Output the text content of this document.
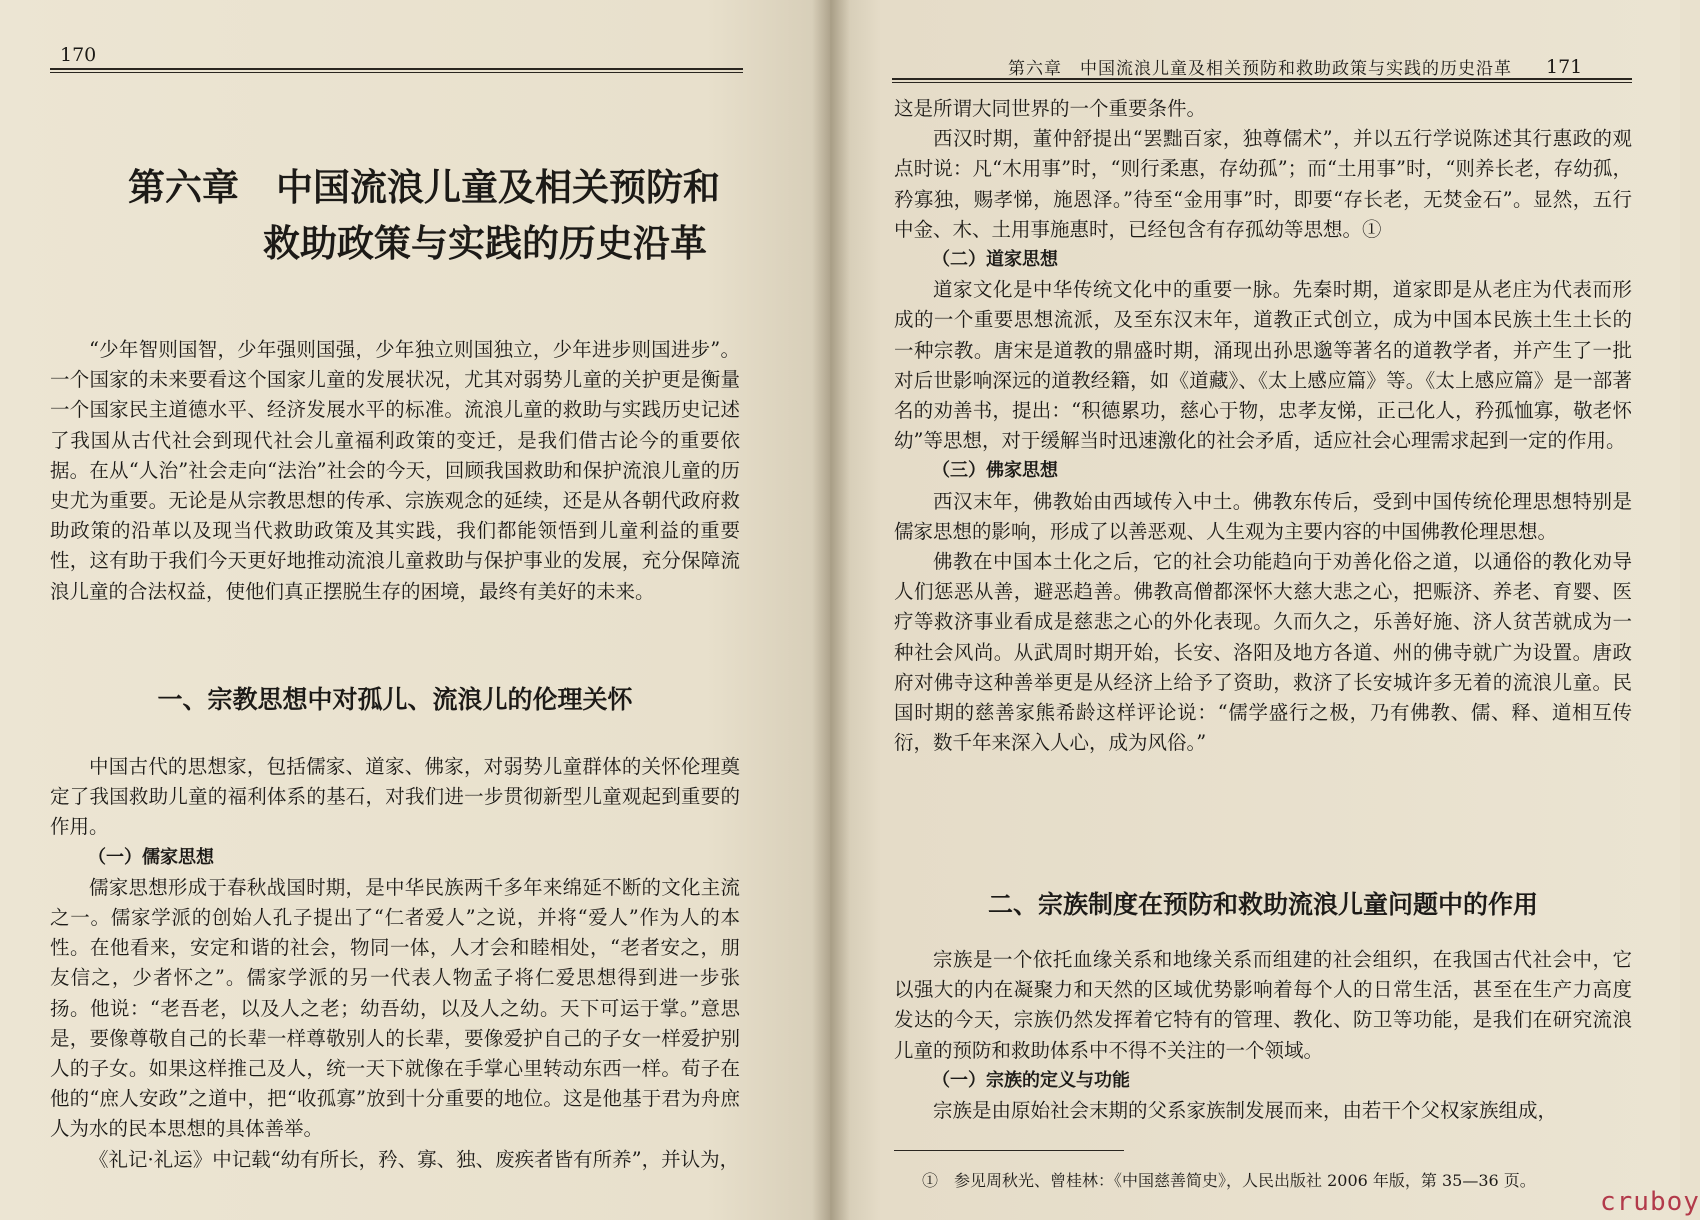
170
第六章　中国流浪儿童及相关预防和
救助政策与实践的历史沿革

“少年智则国智，少年强则国强，少年独立则国独立，少年进步则国进步”。一个国家的未来要看这个国家儿童的发展状况，尤其对弱势儿童的关护更是衡量一个国家民主道德水平、经济发展水平的标准。流浪儿童的救助与实践历史记述了我国从古代社会到现代社会儿童福利政策的变迁，是我们借古论今的重要依据。在从“人治”社会走向“法治”社会的今天，回顾我国救助和保护流浪儿童的历史尤为重要。无论是从宗教思想的传承、宗族观念的延续，还是从各朝代政府救助政策的沿革以及现当代救助政策及其实践，我们都能领悟到儿童利益的重要性，这有助于我们今天更好地推动流浪儿童救助与保护事业的发展，充分保障流浪儿童的合法权益，使他们真正摆脱生存的困境，最终有美好的未来。

一、宗教思想中对孤儿、流浪儿的伦理关怀

中国古代的思想家，包括儒家、道家、佛家，对弱势儿童群体的关怀伦理奠定了我国救助儿童的福利体系的基石，对我们进一步贯彻新型儿童观起到重要的作用。

（一）儒家思想

儒家思想形成于春秋战国时期，是中华民族两千多年来绵延不断的文化主流之一。儒家学派的创始人孔子提出了“仁者爱人”之说，并将“爱人”作为人的本性。在他看来，安定和谐的社会，物同一体，人才会和睦相处，“老者安之，朋友信之，少者怀之”。儒家学派的另一代表人物孟子将仁爱思想得到进一步张扬。他说：“老吾老，以及人之老；幼吾幼，以及人之幼。天下可运于掌。”意思是，要像尊敬自己的长辈一样尊敬别人的长辈，要像爱护自己的子女一样爱护别人的子女。如果这样推己及人，统一天下就像在手掌心里转动东西一样。荀子在他的“庶人安政”之道中，把“收孤寡”放到十分重要的地位。这是他基于君为舟庶人为水的民本思想的具体善举。

《礼记·礼运》中记载“幼有所长，矜、寡、独、废疾者皆有所养”，并认为，

第六章　中国流浪儿童及相关预防和救助政策与实践的历史沿革 171

这是所谓大同世界的一个重要条件。

西汉时期，董仲舒提出“罢黜百家，独尊儒术”，并以五行学说陈述其行惠政的观点时说：凡“木用事”时，“则行柔惠，存幼孤”；而“土用事”时，“则养长老，存幼孤，矜寡独，赐孝悌，施恩泽。”待至“金用事”时，即要“存长老，无焚金石”。显然，五行中金、木、土用事施惠时，已经包含有存孤幼等思想。①

（二）道家思想

道家文化是中华传统文化中的重要一脉。先秦时期，道家即是从老庄为代表而形成的一个重要思想流派，及至东汉末年，道教正式创立，成为中国本民族土生土长的一种宗教。唐宋是道教的鼎盛时期，涌现出孙思邈等著名的道教学者，并产生了一批对后世影响深远的道教经籍，如《道藏》、《太上感应篇》等。《太上感应篇》是一部著名的劝善书，提出：“积德累功，慈心于物，忠孝友悌，正己化人，矜孤恤寡，敬老怀幼”等思想，对于缓解当时迅速激化的社会矛盾，适应社会心理需求起到一定的作用。

（三）佛家思想

西汉末年，佛教始由西域传入中土。佛教东传后，受到中国传统伦理思想特别是儒家思想的影响，形成了以善恶观、人生观为主要内容的中国佛教伦理思想。

佛教在中国本土化之后，它的社会功能趋向于劝善化俗之道，以通俗的教化劝导人们惩恶从善，避恶趋善。佛教高僧都深怀大慈大悲之心，把赈济、养老、育婴、医疗等救济事业看成是慈悲之心的外化表现。久而久之，乐善好施、济人贫苦就成为一种社会风尚。从武周时期开始，长安、洛阳及地方各道、州的佛寺就广为设置。唐政府对佛寺这种善举更是从经济上给予了资助，救济了长安城许多无着的流浪儿童。民国时期的慈善家熊希龄这样评论说：“儒学盛行之极，乃有佛教、儒、释、道相互传衍，数千年来深入人心，成为风俗。”

二、宗族制度在预防和救助流浪儿童问题中的作用

宗族是一个依托血缘关系和地缘关系而组建的社会组织，在我国古代社会中，它以强大的内在凝聚力和天然的区域优势影响着每个人的日常生活，甚至在生产力高度发达的今天，宗族仍然发挥着它特有的管理、教化、防卫等功能，是我们在研究流浪儿童的预防和救助体系中不得不关注的一个领域。

（一）宗族的定义与功能

宗族是由原始社会末期的父系家族制发展而来，由若干个父权家族组成，

①　参见周秋光、曾桂林：《中国慈善简史》，人民出版社 2006 年版，第 35—36 页。
cruboy
